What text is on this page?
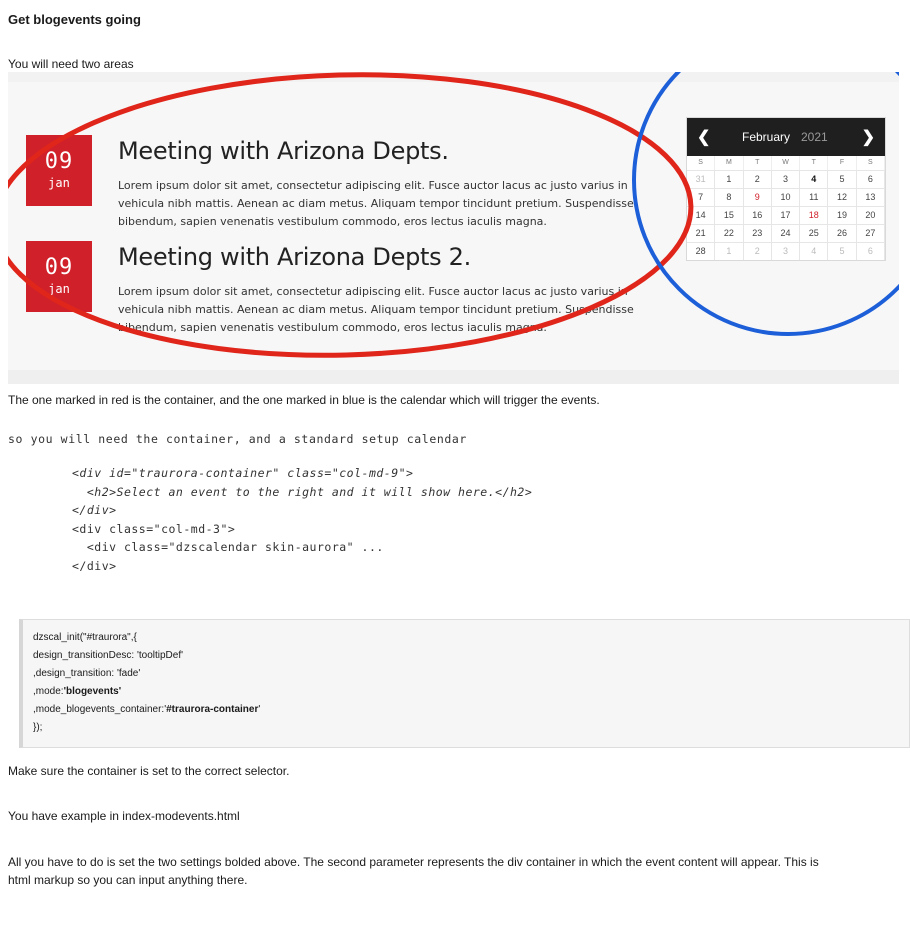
Get blogevents going

You will need two areas

09
jan
Meeting with Arizona Depts.

Lorem ipsum dolor sit amet, consectetur adipiscing elit. Fusce auctor lacus ac justo varius in vehicula nibh mattis. Aenean ac diam metus. Aliquam tempor tincidunt pretium. Suspendisse bibendum, sapien venenatis vestibulum commodo, eros lectus iaculis magna.

09
jan
Meeting with Arizona Depts 2.

Lorem ipsum dolor sit amet, consectetur adipiscing elit. Fusce auctor lacus ac justo varius in vehicula nibh mattis. Aenean ac diam metus. Aliquam tempor tincidunt pretium. Suspendisse bibendum, sapien venenatis vestibulum commodo, eros lectus iaculis magna.

❮	February 2021 ❯
S	M	T	W	T	F	S
31	1	2	3	4	5	6
7	8	9	10	11	12	13
14	15	16	17	18	19	20
21	22	23	24	25	26	27
28	1	2	3	4	5	6

The one marked in red is the container, and the one marked in blue is the calendar which will trigger the events.

so you will need the container, and a standard setup calendar

<div id="traurora-container" class="col-md-9">
<h2>Select an event to the right and it will show here.</h2>
</div>
<div class="col-md-3">
<div class="dzscalendar skin-aurora" ...
</div>
dzscal_init("#traurora",{
design_transitionDesc: 'tooltipDef'
,design_transition: 'fade'
,mode:'blogevents'
,mode_blogevents_container:'#traurora-container'
});

Make sure the container is set to the correct selector.

You have example in index-modevents.html

All you have to do is set the two settings bolded above. The second parameter represents the div container in which the event content will appear. This is

html markup so you can input anything there.
